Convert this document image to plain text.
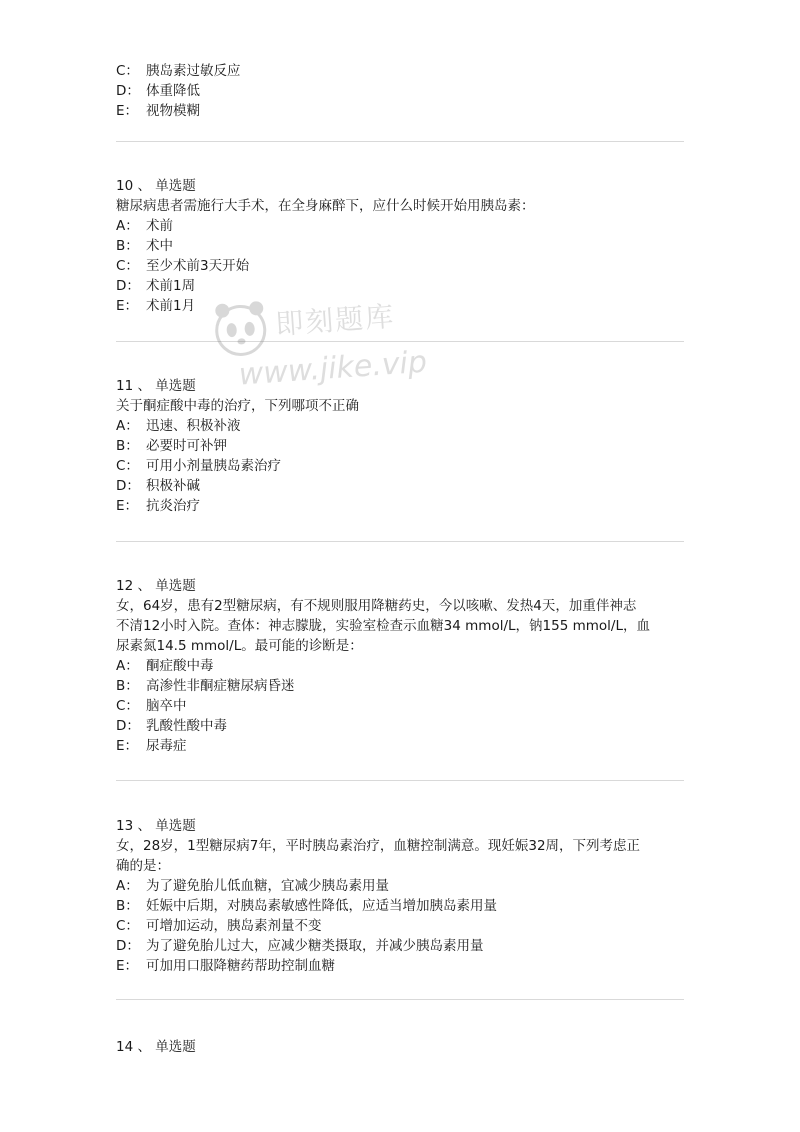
C： 胰岛素过敏反应
D： 体重降低
E： 视物模糊
10 、 单选题
糖尿病患者需施行大手术，在全身麻醉下，应什么时候开始用胰岛素：
A： 术前
B： 术中
C： 至少术前3天开始
D： 术前1周
E： 术前1月
11 、 单选题
关于酮症酸中毒的治疗，下列哪项不正确
A： 迅速、积极补液
B： 必要时可补钾
C： 可用小剂量胰岛素治疗
D： 积极补碱
E： 抗炎治疗
12 、 单选题
女，64岁，患有2型糖尿病，有不规则服用降糖药史，今以咳嗽、发热4天，加重伴神志
不清12小时入院。查体：神志朦胧，实验室检查示血糖34 mmol/L，钠155 mmol/L，血
尿素氮14.5 mmol/L。最可能的诊断是：
A： 酮症酸中毒
B： 高渗性非酮症糖尿病昏迷
C： 脑卒中
D： 乳酸性酸中毒
E： 尿毒症
13 、 单选题
女，28岁，1型糖尿病7年，平时胰岛素治疗，血糖控制满意。现妊娠32周，下列考虑正
确的是：
A： 为了避免胎儿低血糖，宜减少胰岛素用量
B： 妊娠中后期，对胰岛素敏感性降低，应适当增加胰岛素用量
C： 可增加运动，胰岛素剂量不变
D： 为了避免胎儿过大，应减少糖类摄取，并减少胰岛素用量
E： 可加用口服降糖药帮助控制血糖
14 、 单选题
即刻题库
www.jike.vip
